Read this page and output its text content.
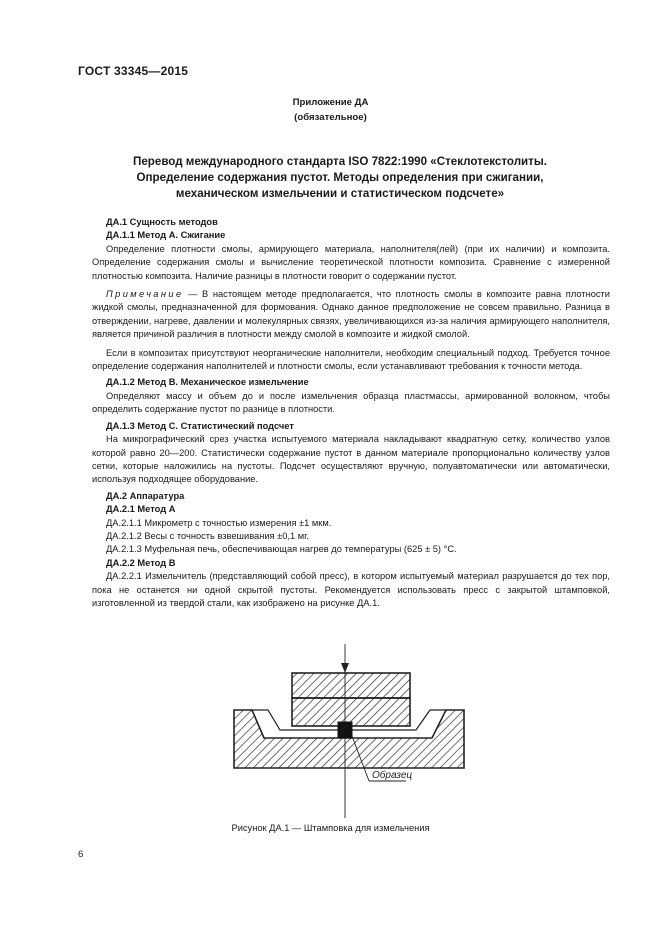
ГОСТ 33345—2015
Приложение ДА
(обязательное)
Перевод международного стандарта ISO 7822:1990 «Стеклотекстолиты.
Определение содержания пустот. Методы определения при сжигании,
механическом измельчении и статистическом подсчете»

ДА.1 Сущность методов

ДА.1.1 Метод А. Сжигание

Определение плотности смолы, армирующего материала, наполнителя(лей) (при их наличии) и композита. Определение содержания смолы и вычисление теоретической плотности композита. Сравнение с измеренной плотностью композита. Наличие разницы в плотности говорит о содержании пустот.

Примечание — В настоящем методе предполагается, что плотность смолы в композите равна плотности жидкой смолы, предназначенной для формования. Однако данное предположение не совсем правильно. Разница в отверждении, нагреве, давлении и молекулярных связях, увеличивающихся из-за наличия армирующего наполнителя, является причиной различия в плотности между смолой в композите и жидкой смолой.

Если в композитах присутствуют неорганические наполнители, необходим специальный подход. Требуется точное определение содержания наполнителей и плотности смолы, если устанавливают требования к точности метода.

ДА.1.2 Метод В. Механическое измельчение

Определяют массу и объем до и после измельчения образца пластмассы, армированной волокном, чтобы определить содержание пустот по разнице в плотности.

ДА.1.3 Метод С. Статистический подсчет

На микрографический срез участка испытуемого материала накладывают квадратную сетку, количество узлов которой равно 20—200. Статистически содержание пустот в данном материале пропорционально количеству узлов сетки, которые наложились на пустоты. Подсчет осуществляют вручную, полуавтоматически или автоматически, используя подходящее оборудование.

ДА.2 Аппаратура

ДА.2.1 Метод А

ДА.2.1.1 Микрометр с точностью измерения ±1 мкм.

ДА.2.1.2 Весы с точность взвешивания ±0,1 мг.

ДА.2.1.3 Муфельная печь, обеспечивающая нагрев до температуры (625 ± 5) °С.

ДА.2.2 Метод В

ДА.2.2.1 Измельчитель (представляющий собой пресс), в котором испытуемый материал разрушается до тех пор, пока не останется ни одной скрытой пустоты. Рекомендуется использовать пресс с закрытой штамповкой, изготовленной из твердой стали, как изображено на рисунке ДА.1.

Образец
Рисунок ДА.1 — Штамповка для измельчения
6
